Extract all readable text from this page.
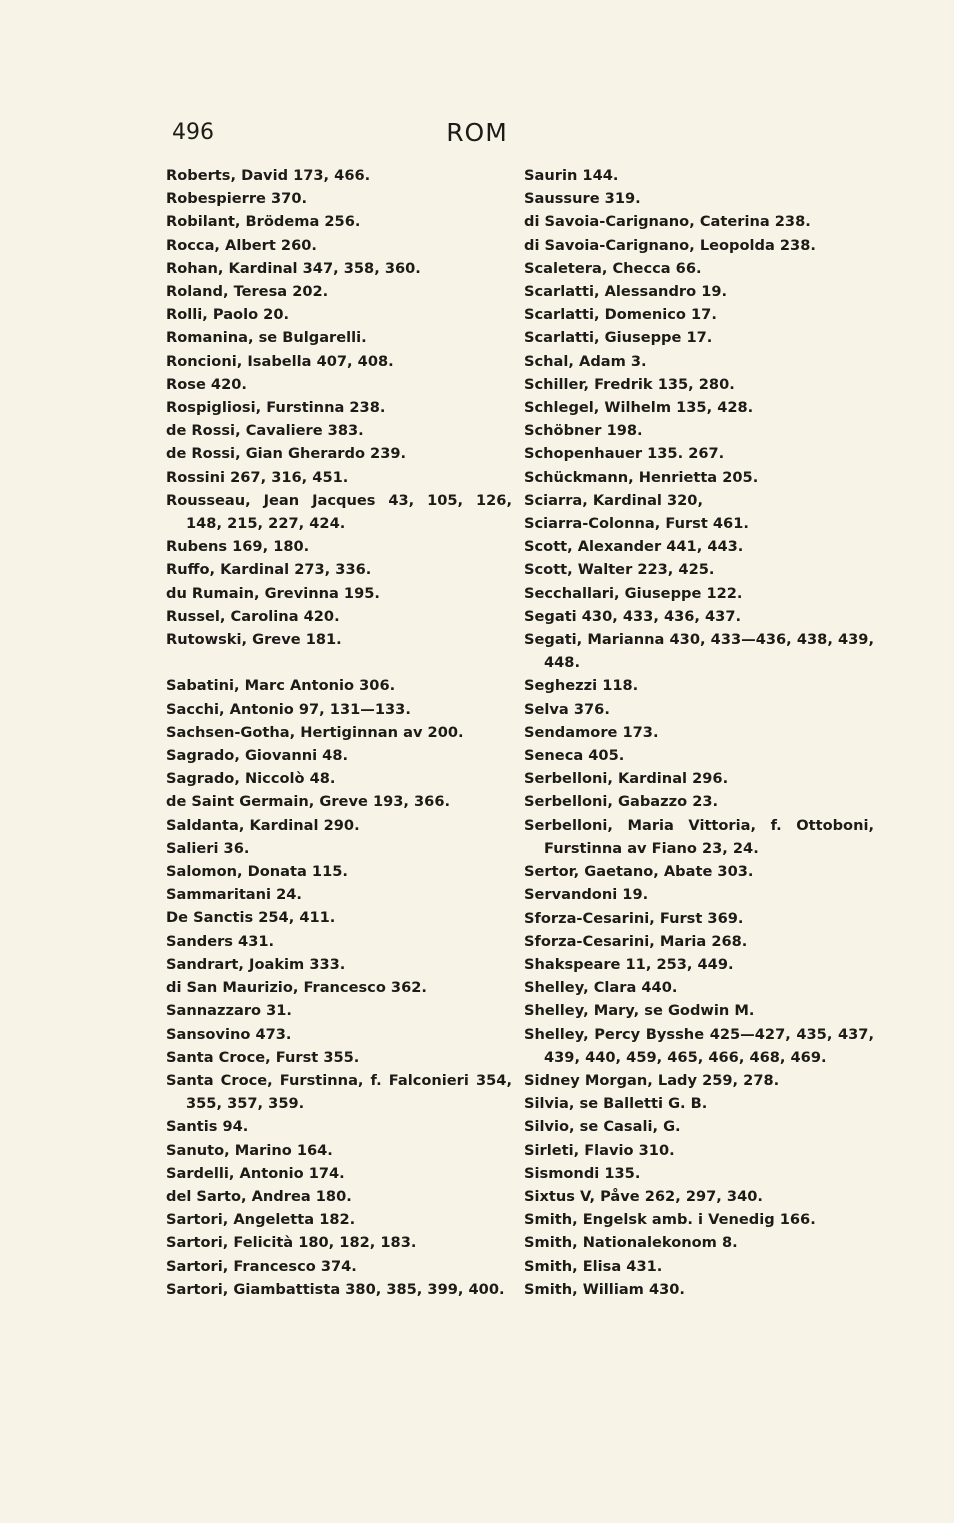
496	ROM

Roberts, David 173, 466.

Robespierre 370.

Robilant, Brödema 256.

Rocca, Albert 260.

Rohan, Kardinal 347, 358, 360.

Roland, Teresa 202.

Rolli, Paolo 20.

Romanina, se Bulgarelli.

Roncioni, Isabella 407, 408.

Rose 420.

Rospigliosi, Furstinna 238.

de Rossi, Cavaliere 383.

de Rossi, Gian Gherardo 239.

Rossini 267, 316, 451.

Rousseau, Jean Jacques 43, 105, 126, 148, 215, 227, 424.

Rubens 169, 180.

Ruffo, Kardinal 273, 336.

du Rumain, Grevinna 195.

Russel, Carolina 420.

Rutowski, Greve 181.

Sabatini, Marc Antonio 306.

Sacchi, Antonio 97, 131—133.

Sachsen-Gotha, Hertiginnan av 200.

Sagrado, Giovanni 48.

Sagrado, Niccolò 48.

de Saint Germain, Greve 193, 366.

Saldanta, Kardinal 290.

Salieri 36.

Salomon, Donata 115.

Sammaritani 24.

De Sanctis 254, 411.

Sanders 431.

Sandrart, Joakim 333.

di San Maurizio, Francesco 362.

Sannazzaro 31.

Sansovino 473.

Santa Croce, Furst 355.

Santa Croce, Furstinna, f. Falconieri 354, 355, 357, 359.

Santis 94.

Sanuto, Marino 164.

Sardelli, Antonio 174.

del Sarto, Andrea 180.

Sartori, Angeletta 182.

Sartori, Felicità 180, 182, 183.

Sartori, Francesco 374.

Sartori, Giambattista 380, 385, 399, 400.

Saurin 144.

Saussure 319.

di Savoia-Carignano, Caterina 238.

di Savoia-Carignano, Leopolda 238.

Scaletera, Checca 66.

Scarlatti, Alessandro 19.

Scarlatti, Domenico 17.

Scarlatti, Giuseppe 17.

Schal, Adam 3.

Schiller, Fredrik 135, 280.

Schlegel, Wilhelm 135, 428.

Schöbner 198.

Schopenhauer 135. 267.

Schückmann, Henrietta 205.

Sciarra, Kardinal 320,

Sciarra-Colonna, Furst 461.

Scott, Alexander 441, 443.

Scott, Walter 223, 425.

Secchallari, Giuseppe 122.

Segati 430, 433, 436, 437.

Segati, Marianna 430, 433—436, 438, 439, 448.

Seghezzi 118.

Selva 376.

Sendamore 173.

Seneca 405.

Serbelloni, Kardinal 296.

Serbelloni, Gabazzo 23.

Serbelloni, Maria Vittoria, f. Ottoboni, Furstinna av Fiano 23, 24.

Sertor, Gaetano, Abate 303.

Servandoni 19.

Sforza-Cesarini, Furst 369.

Sforza-Cesarini, Maria 268.

Shakspeare 11, 253, 449.

Shelley, Clara 440.

Shelley, Mary, se Godwin M.

Shelley, Percy Bysshe 425—427, 435, 437, 439, 440, 459, 465, 466, 468, 469.

Sidney Morgan, Lady 259, 278.

Silvia, se Balletti G. B.

Silvio, se Casali, G.

Sirleti, Flavio 310.

Sismondi 135.

Sixtus V, Påve 262, 297, 340.

Smith, Engelsk amb. i Venedig 166.

Smith, Nationalekonom 8.

Smith, Elisa 431.

Smith, William 430.
